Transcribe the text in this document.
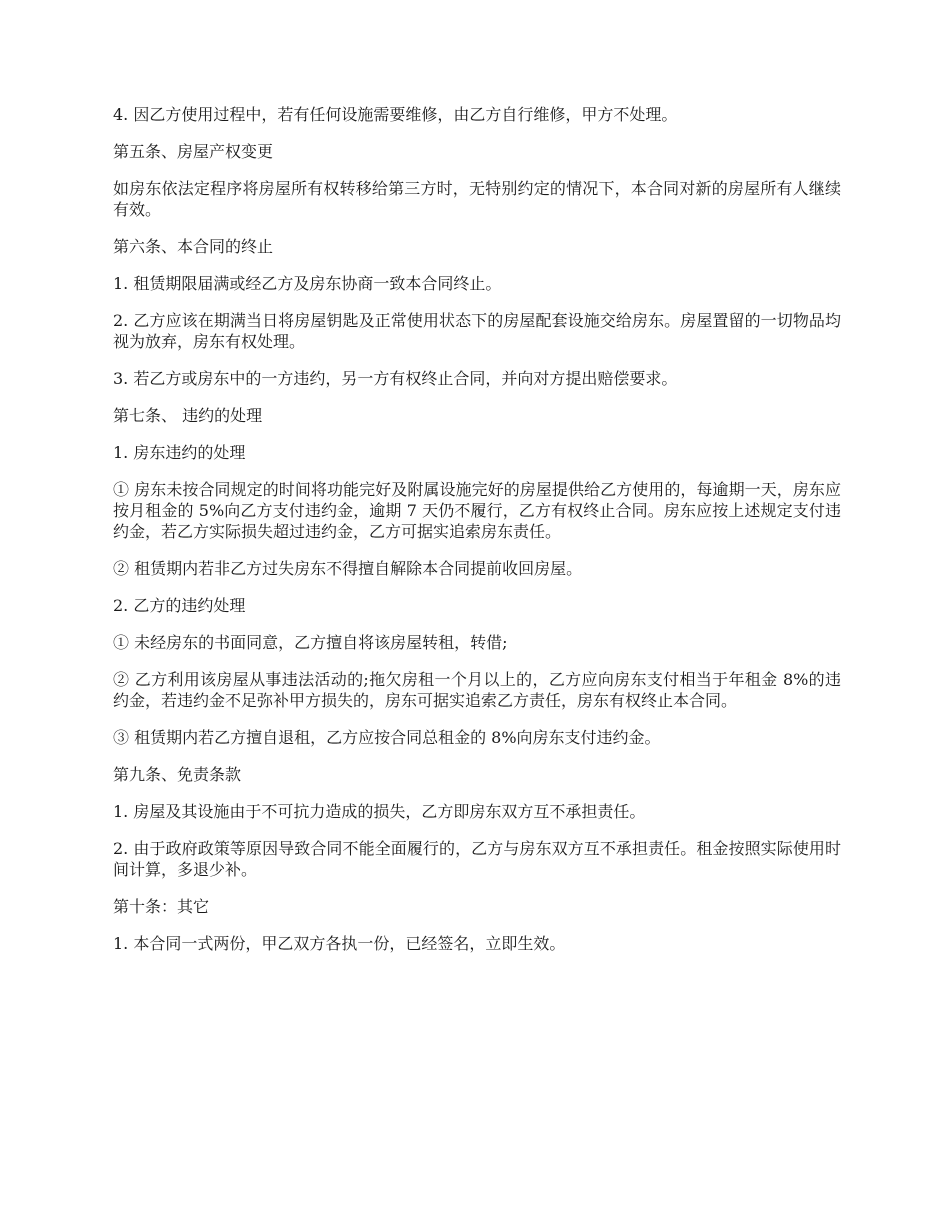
4. 因乙方使用过程中，若有任何设施需要维修，由乙方自行维修，甲方不处理。

第五条、房屋产权变更

如房东依法定程序将房屋所有权转移给第三方时，无特别约定的情况下，本合同对新的房屋所有人继续有效。

第六条、本合同的终止

1. 租赁期限届满或经乙方及房东协商一致本合同终止。

2. 乙方应该在期满当日将房屋钥匙及正常使用状态下的房屋配套设施交给房东。房屋置留的一切物品均视为放弃，房东有权处理。

3. 若乙方或房东中的一方违约，另一方有权终止合同，并向对方提出赔偿要求。

第七条、 违约的处理

1. 房东违约的处理

① 房东未按合同规定的时间将功能完好及附属设施完好的房屋提供给乙方使用的，每逾期一天，房东应按月租金的 5%向乙方支付违约金，逾期 7 天仍不履行，乙方有权终止合同。房东应按上述规定支付违约金，若乙方实际损失超过违约金，乙方可据实追索房东责任。

② 租赁期内若非乙方过失房东不得擅自解除本合同提前收回房屋。

2. 乙方的违约处理

① 未经房东的书面同意，乙方擅自将该房屋转租，转借;

② 乙方利用该房屋从事违法活动的;拖欠房租一个月以上的，乙方应向房东支付相当于年租金 8%的违约金，若违约金不足弥补甲方损失的，房东可据实追索乙方责任，房东有权终止本合同。

③ 租赁期内若乙方擅自退租，乙方应按合同总租金的 8%向房东支付违约金。

第九条、免责条款

1. 房屋及其设施由于不可抗力造成的损失，乙方即房东双方互不承担责任。

2. 由于政府政策等原因导致合同不能全面履行的，乙方与房东双方互不承担责任。租金按照实际使用时间计算，多退少补。

第十条：其它

1. 本合同一式两份，甲乙双方各执一份，已经签名，立即生效。
